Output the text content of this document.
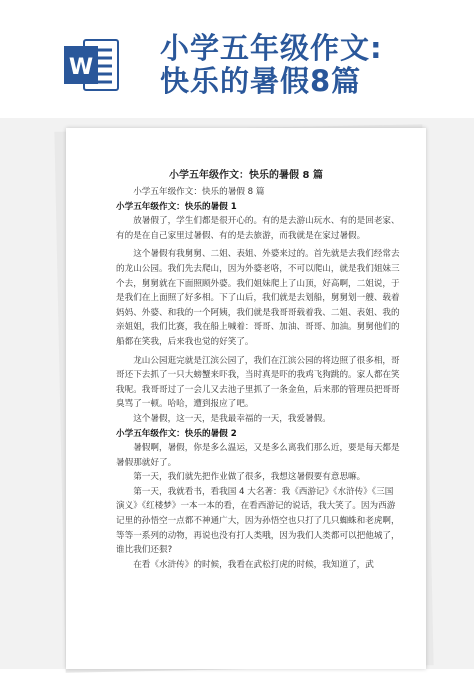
W
小学五年级作文:
快乐的暑假8篇
小学五年级作文：快乐的暑假 8 篇

小学五年级作文：快乐的暑假 8 篇

小学五年级作文：快乐的暑假 1

放暑假了，学生们都是很开心的。有的是去游山玩水、有的是回老家、有的是在自己家里过暑假、有的是去旅游，而我就是在家过暑假。

这个暑假有我舅舅、二姐、表姐、外婆来过的。首先就是去我们经常去的龙山公园。我们先去爬山，因为外婆老咯，不可以爬山，就是我们姐妹三个去，舅舅就在下面照顾外婆。我们姐妹爬上了山顶，好高啊，二姐说，于是我们在上面照了好多相。下了山后，我们就是去划船，舅舅划一艘、载着妈妈、外婆、和我的一个阿姨，我们就是我哥哥载着我、二姐、表姐、我的亲姐姐，我们比赛，我在船上喊着：哥哥、加油、哥哥、加油。舅舅他们的船都在笑我，后来我也觉的好笑了。

龙山公园逛完就是江滨公园了，我们在江滨公园的将边照了很多相，哥哥还下去抓了一只大螃蟹来吓我，当时真是吓的我鸡飞狗跳的。家人都在笑我呢。我哥哥过了一会儿又去池子里抓了一条金鱼，后来那的管理员把哥哥臭骂了一顿。哈哈，遭到报应了吧。

这个暑假，这一天，是我最幸福的一天，我爱暑假。

小学五年级作文：快乐的暑假 2

暑假啊，暑假，你是多么温运，又是多么离我们那么近，要是每天都是暑假那就好了。

第一天，我们就先把作业做了很多，我想这暑假要有意思嘛。

第一天，我就看书，看我国 4 大名著：我《西游记》《水浒传》《三国演义》《红楼梦》一本一本的看，在看西游记的说话，我大笑了。因为西游记里的孙悟空一点都不神通广大，因为孙悟空也只打了几只蜘蛛和老虎啊，等等一系列的动物，再说也没有打人类哦，因为我们人类都可以把他城了，谁比我们还狠?

在看《水浒传》的时候，我看在武松打虎的时候，我知道了，武
